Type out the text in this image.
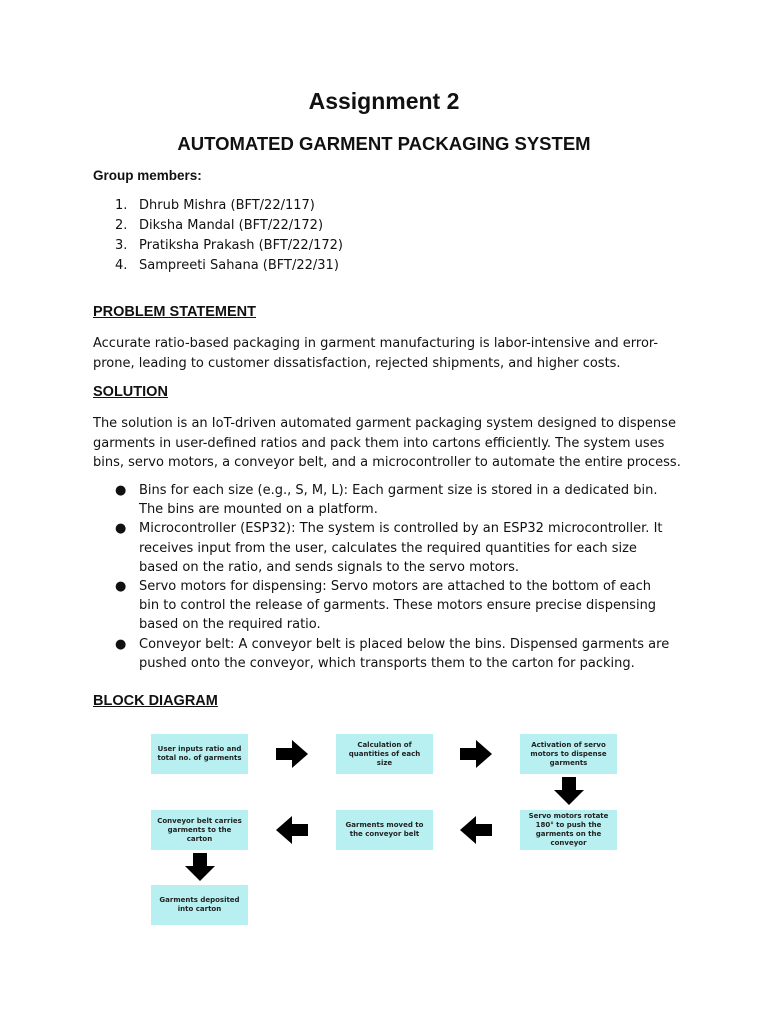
Assignment 2
AUTOMATED GARMENT PACKAGING SYSTEM
Group members:
1. Dhrub Mishra (BFT/22/117)
2. Diksha Mandal (BFT/22/172)
3. Pratiksha Prakash (BFT/22/172)
4. Sampreeti Sahana (BFT/22/31)
PROBLEM STATEMENT

Accurate ratio-based packaging in garment manufacturing is labor-intensive and error-prone, leading to customer dissatisfaction, rejected shipments, and higher costs.

SOLUTION

The solution is an IoT-driven automated garment packaging system designed to dispense garments in user-defined ratios and pack them into cartons efficiently. The system uses bins, servo motors, a conveyor belt, and a microcontroller to automate the entire process.

● Bins for each size (e.g., S, M, L): Each garment size is stored in a dedicated bin. The bins are mounted on a platform.
● Microcontroller (ESP32): The system is controlled by an ESP32 microcontroller. It receives input from the user, calculates the required quantities for each size based on the ratio, and sends signals to the servo motors.
● Servo motors for dispensing: Servo motors are attached to the bottom of each bin to control the release of garments. These motors ensure precise dispensing based on the required ratio.
● Conveyor belt: A conveyor belt is placed below the bins. Dispensed garments are pushed onto the conveyor, which transports them to the carton for packing.
BLOCK DIAGRAM
User inputs ratio and total no. of garments
Calculation of quantities of each size
Activation of servo motors to dispense garments
Servo motors rotate 180° to push the garments on the conveyor
Garments moved to the conveyor belt
Conveyor belt carries garments to the carton
Garments deposited into carton
